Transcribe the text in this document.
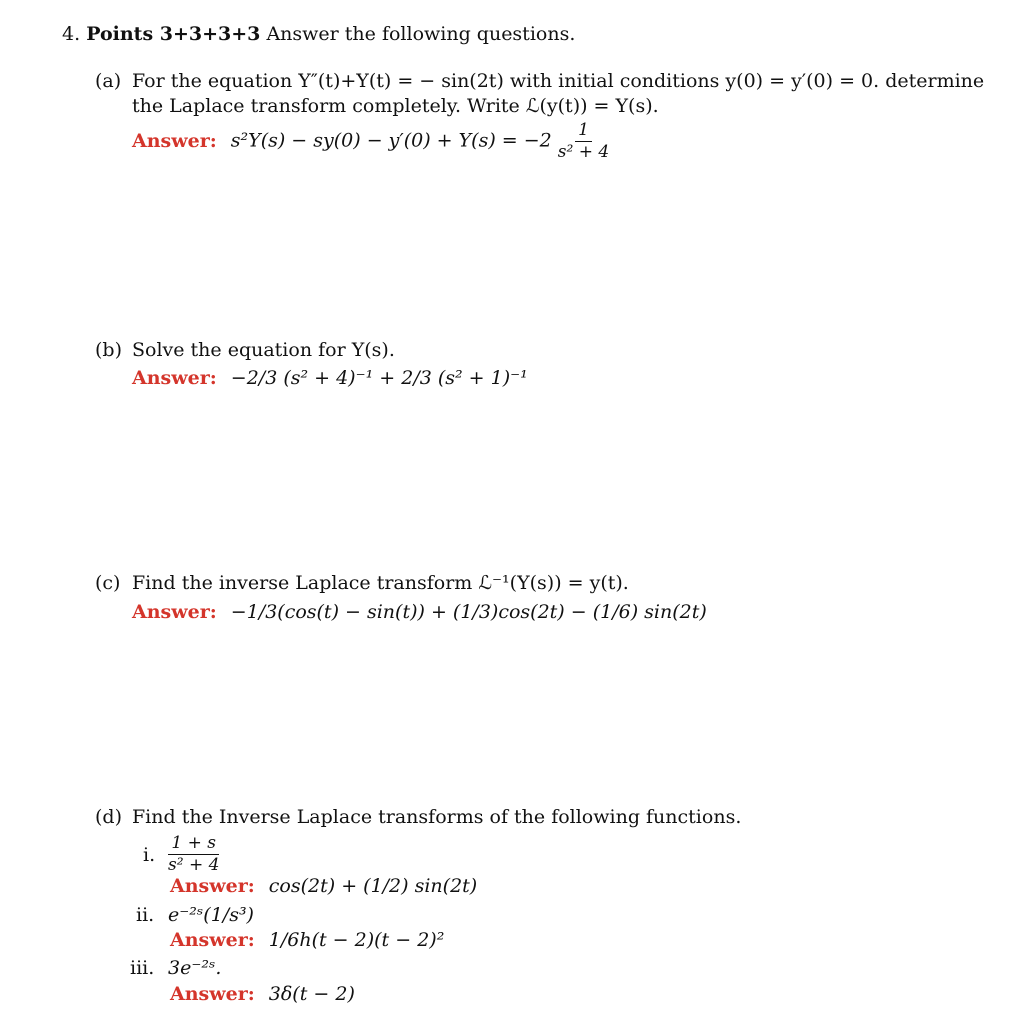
4. Points 3+3+3+3 Answer the following questions.
(a) For the equation Y″(t)+Y(t) = − sin(2t) with initial conditions y(0) = y′(0) = 0. determine
the Laplace transform completely. Write ℒ(y(t)) = Y(s).
Answer: $s^2Y(s) - sy(0) - y'(0) + Y(s) = -2 \frac{1}{\text{s² + 4}}$
(b) Solve the equation for Y(s).
Answer: −2/3 (s² + 4)⁻¹ + 2/3 (s² + 1)⁻¹
(c) Find the inverse Laplace transform ℒ⁻¹(Y(s)) = y(t).
Answer: −1/3(cos(t) − sin(t)) + (1/3)cos(2t) − (1/6) sin(2t)
(d) Find the Inverse Laplace transforms of the following functions.
i. $\frac{1 + s}{\text{s² + 4}}$
Answer: cos(2t) + (1/2) sin(2t)
ii. e⁻²ˢ(1/s³)
Answer: 1/6h(t − 2)(t − 2)²
iii. 3e⁻²ˢ.
Answer: 3δ(t − 2)
